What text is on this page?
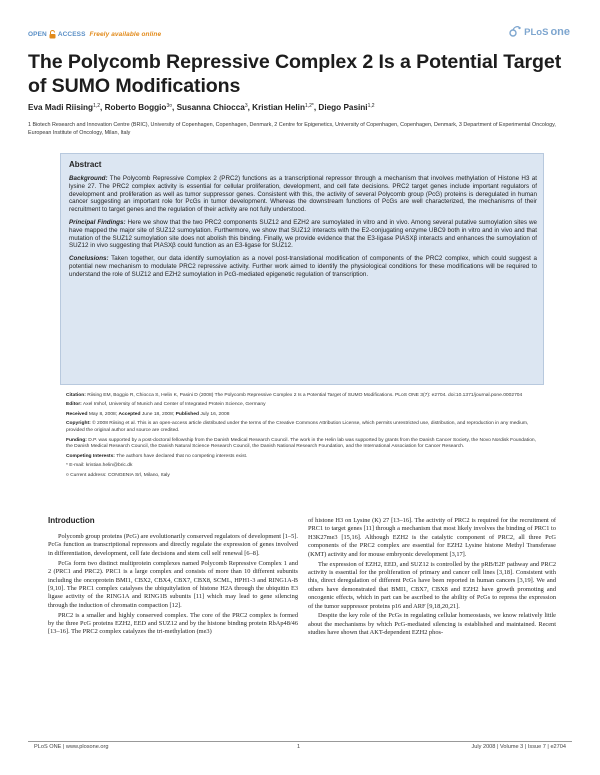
OPEN ACCESS Freely available online	PLoS one
The Polycomb Repressive Complex 2 Is a Potential Target of SUMO Modifications
Eva Madi Riising$^{1,2}$, Roberto Boggio$^{3¤}$, Susanna Chiocca$^3$, Kristian Helin$^{1,2*}$, Diego Pasini$^{1,2}$
1 Biotech Research and Innovation Centre (BRIC), University of Copenhagen, Copenhagen, Denmark, 2 Centre for Epigenetics, University of Copenhagen, Copenhagen, Denmark, 3 Department of Experimental Oncology, European Institute of Oncology, Milan, Italy
Abstract

Background: The Polycomb Repressive Complex 2 (PRC2) functions as a transcriptional repressor through a mechanism that involves methylation of Histone H3 at lysine 27. The PRC2 complex activity is essential for cellular proliferation, development, and cell fate decisions. PRC2 target genes include important regulators of development and proliferation as well as tumor suppressor genes. Consistent with this, the activity of several Polycomb group (PcG) proteins is deregulated in human cancer suggesting an important role for PcGs in tumor development. Whereas the downstream functions of PcGs are well characterized, the mechanisms of their recruitment to target genes and the regulation of their activity are not fully understood.

Principal Findings: Here we show that the two PRC2 components SUZ12 and EZH2 are sumoylated in vitro and in vivo. Among several putative sumoylation sites we have mapped the major site of SUZ12 sumoylation. Furthermore, we show that SUZ12 interacts with the E2-conjugating enzyme UBC9 both in vitro and in vivo and that mutation of the SUZ12 sumoylation site does not abolish this binding. Finally, we provide evidence that the E3-ligase PIASXβ interacts and enhances the sumoylation of SUZ12 in vivo suggesting that PIASXβ could function as an E3-ligase for SUZ12.

Conclusions: Taken together, our data identify sumoylation as a novel post-translational modification of components of the PRC2 complex, which could suggest a potential new mechanism to modulate PRC2 repressive activity. Further work aimed to identify the physiological conditions for these modifications will be required to understand the role of SUZ12 and EZH2 sumoylation in PcG-mediated epigenetic regulation of transcription.

Citation: Riising EM, Boggio R, Chiocca S, Helin K, Pasini D (2008) The Polycomb Repressive Complex 2 Is a Potential Target of SUMO Modifications. PLoS ONE 3(7): e2704. doi:10.1371/journal.pone.0002704

Editor: Axel Imhof, University of Munich and Center of Integrated Protein Science, Germany

Received May 8, 2008; Accepted June 18, 2008; Published July 16, 2008

Copyright: © 2008 Riising et al. This is an open-access article distributed under the terms of the Creative Commons Attribution License, which permits unrestricted use, distribution, and reproduction in any medium, provided the original author and source are credited.

Funding: D.P. was supported by a post-doctoral fellowship from the Danish Medical Research Council. The work in the Helin lab was supported by grants from the Danish Cancer Society, the Novo Nordisk Foundation, the Danish Medical Research Council, the Danish Natural Science Research Council, the Danish National Research Foundation, and the International Association for Cancer Research.

Competing Interests: The authors have declared that no competing interests exist.

* E-mail: kristian.helin@bric.dk

¤ Current address: CONGENIA Srl, Milano, Italy

Introduction

Polycomb group proteins (PcG) are evolutionarily conserved regulators of development [1–5]. PcGs function as transcriptional repressors and directly regulate the expression of genes involved in differentiation, development, cell fate decisions and stem cell self renewal [6–8].

PcGs form two distinct multiprotein complexes named Polycomb Repressive Complex 1 and 2 (PRC1 and PRC2). PRC1 is a large complex and consists of more than 10 different subunits including the oncoprotein BMI1, CBX2, CBX4, CBX7, CBX8, SCML, HPH1-3 and RING1A-B [9,10]. The PRC1 complex catalyses the ubiquitylation of histone H2A through the ubiquitin E3 ligase activity of the RING1A and RING1B subunits [11] which may lead to gene silencing through the induction of chromatin compaction [12].

PRC2 is a smaller and highly conserved complex. The core of the PRC2 complex is formed by the three PcG proteins EZH2, EED and SUZ12 and by the histone binding protein RbAp48/46 [13–16]. The PRC2 complex catalyzes the tri-methylation (me3)

of histone H3 on Lysine (K) 27 [13–16]. The activity of PRC2 is required for the recruitment of PRC1 to target genes [11] through a mechanism that most likely involves the binding of PRC1 to H3K27me3 [15,16]. Although EZH2 is the catalytic component of PRC2, all three PcG components of the PRC2 complex are essential for EZH2 Lysine histone Methyl Transferase (KMT) activity and for mouse embryonic development [3,17].

The expression of EZH2, EED, and SUZ12 is controlled by the pRB/E2F pathway and PRC2 activity is essential for the proliferation of primary and cancer cell lines [3,18]. Consistent with this, direct deregulation of different PcGs have been reported in human cancers [3,19]. We and others have demonstrated that BMI1, CBX7, CBX8 and EZH2 have growth promoting and oncogenic effects, which in part can be ascribed to the ability of PcGs to repress the expression of the tumor suppressor proteins p16 and ARF [9,18,20,21].

Despite the key role of the PcGs in regulating cellular homeostasis, we know relatively little about the mechanisms by which PcG-mediated silencing is established and maintained. Recent studies have shown that AKT-dependent EZH2 phos-

PLoS ONE | www.plosone.org	1	July 2008 | Volume 3 | Issue 7 | e2704
